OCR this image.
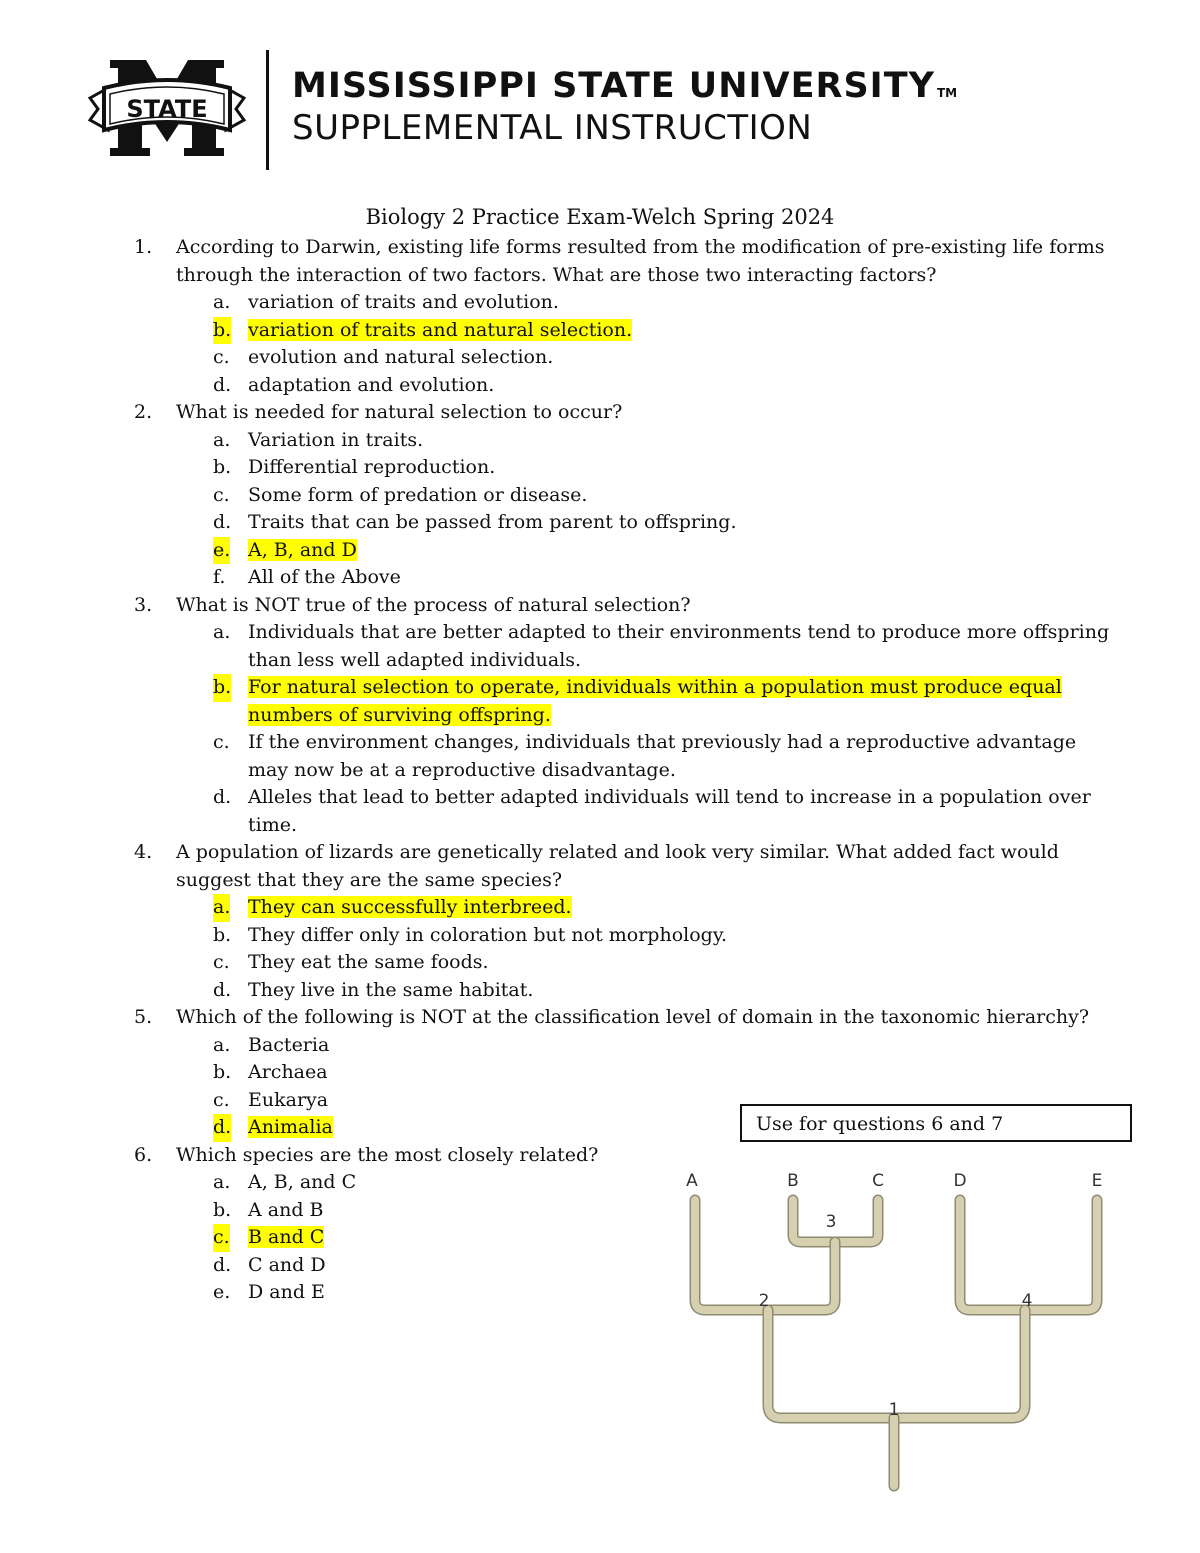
STATE
MISSISSIPPI STATE UNIVERSITY TM
SUPPLEMENTAL INSTRUCTION
Biology 2 Practice Exam-Welch Spring 2024
1. According to Darwin, existing life forms resulted from the modification of pre-existing life forms through the interaction of two factors. What are those two interacting factors?
a. variation of traits and evolution.
b. variation of traits and natural selection.
c. evolution and natural selection.
d. adaptation and evolution.
2. What is needed for natural selection to occur?
a. Variation in traits.
b. Differential reproduction.
c. Some form of predation or disease.
d. Traits that can be passed from parent to offspring.
e. A, B, and D
f. All of the Above
3. What is NOT true of the process of natural selection?
a. Individuals that are better adapted to their environments tend to produce more offspring than less well adapted individuals.
b. For natural selection to operate, individuals within a population must produce equal numbers of surviving offspring.
c. If the environment changes, individuals that previously had a reproductive advantage may now be at a reproductive disadvantage.
d. Alleles that lead to better adapted individuals will tend to increase in a population over time.
4. A population of lizards are genetically related and look very similar. What added fact would suggest that they are the same species?
a. They can successfully interbreed.
b. They differ only in coloration but not morphology.
c. They eat the same foods.
d. They live in the same habitat.
5. Which of the following is NOT at the classification level of domain in the taxonomic hierarchy?
a. Bacteria
b. Archaea
c. Eukarya
d. Animalia
6. Which species are the most closely related?
a. A, B, and C
b. A and B
c. B and C
d. C and D
e. D and E
Use for questions 6 and 7
A	B	C	D	E
3
2	4
1
